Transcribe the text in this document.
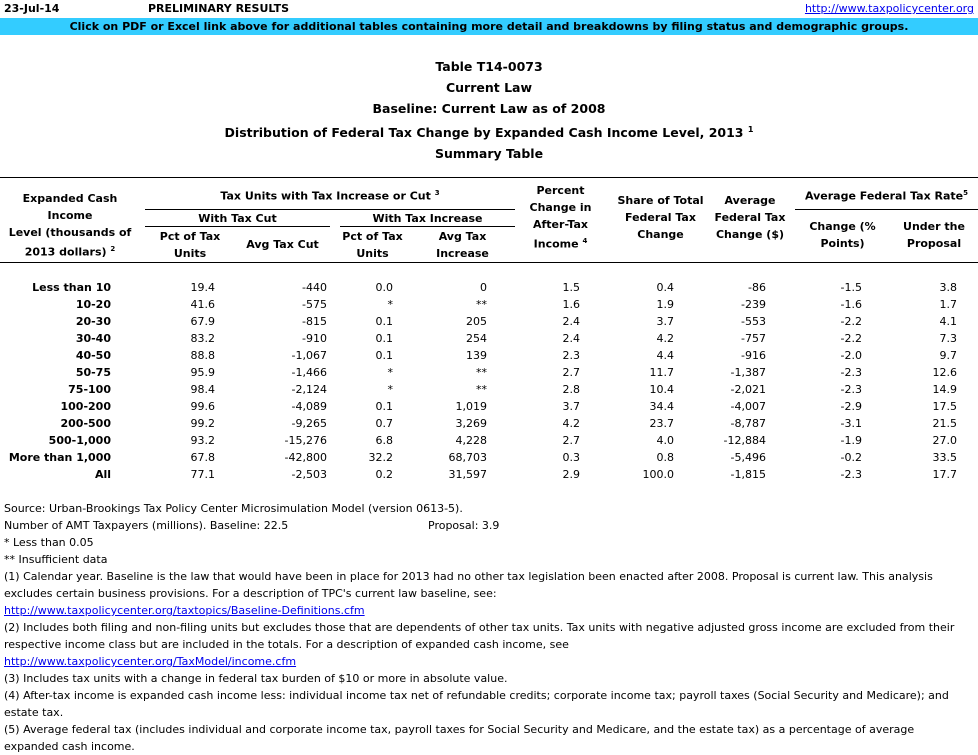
23-Jul-14	PRELIMINARY RESULTS	http://www.taxpolicycenter.org
Click on PDF or Excel link above for additional tables containing more detail and breakdowns by filing status and demographic groups.
Table T14-0073
Current Law
Baseline: Current Law as of 2008
Distribution of Federal Tax Change by Expanded Cash Income Level, 2013 $^1$
Summary Table
Expanded Cash Income
Level (thousands of
2013 dollars) $^2$
Tax Units with Tax Increase or Cut $^3$
With Tax Cut	With Tax Increase
Pct of Tax
Units
Avg Tax Cut
Pct of Tax
Units
Avg Tax
Increase
Percent
Change in
After-Tax
Income $^4$
Share of Total
Federal Tax
Change
Average
Federal Tax
Change ($)
Average Federal Tax Rate$^5$
Change (%
Points)
Under the
Proposal
Less than 10	19.4	-440	0.0	0	1.5	0.4	-86	-1.5	3.8
10-20	41.6	-575	*	**	1.6	1.9	-239	-1.6	1.7
20-30	67.9	-815	0.1	205	2.4	3.7	-553	-2.2	4.1
30-40	83.2	-910	0.1	254	2.4	4.2	-757	-2.2	7.3
40-50	88.8	-1,067	0.1	139	2.3	4.4	-916	-2.0	9.7
50-75	95.9	-1,466	*	**	2.7	11.7	-1,387	-2.3	12.6
75-100	98.4	-2,124	*	**	2.8	10.4	-2,021	-2.3	14.9
100-200	99.6	-4,089	0.1	1,019	3.7	34.4	-4,007	-2.9	17.5
200-500	99.2	-9,265	0.7	3,269	4.2	23.7	-8,787	-3.1	21.5
500-1,000	93.2	-15,276	6.8	4,228	2.7	4.0	-12,884	-1.9	27.0
More than 1,000	67.8	-42,800	32.2	68,703	0.3	0.8	-5,496	-0.2	33.5
All	77.1	-2,503	0.2	31,597	2.9	100.0	-1,815	-2.3	17.7
Source: Urban-Brookings Tax Policy Center Microsimulation Model (version 0613-5).
Number of AMT Taxpayers (millions). Baseline: 22.5	Proposal: 3.9
* Less than 0.05
** Insufficient data
(1) Calendar year. Baseline is the law that would have been in place for 2013 had no other tax legislation been enacted after 2008. Proposal is current law. This analysis excludes certain business provisions. For a description of TPC's current law baseline, see:
http://www.taxpolicycenter.org/taxtopics/Baseline-Definitions.cfm
(2) Includes both filing and non-filing units but excludes those that are dependents of other tax units. Tax units with negative adjusted gross income are excluded from their respective income class but are included in the totals. For a description of expanded cash income, see
http://www.taxpolicycenter.org/TaxModel/income.cfm
(3) Includes tax units with a change in federal tax burden of $10 or more in absolute value.
(4) After-tax income is expanded cash income less: individual income tax net of refundable credits; corporate income tax; payroll taxes (Social Security and Medicare); and estate tax.
(5) Average federal tax (includes individual and corporate income tax, payroll taxes for Social Security and Medicare, and the estate tax) as a percentage of average expanded cash income.
